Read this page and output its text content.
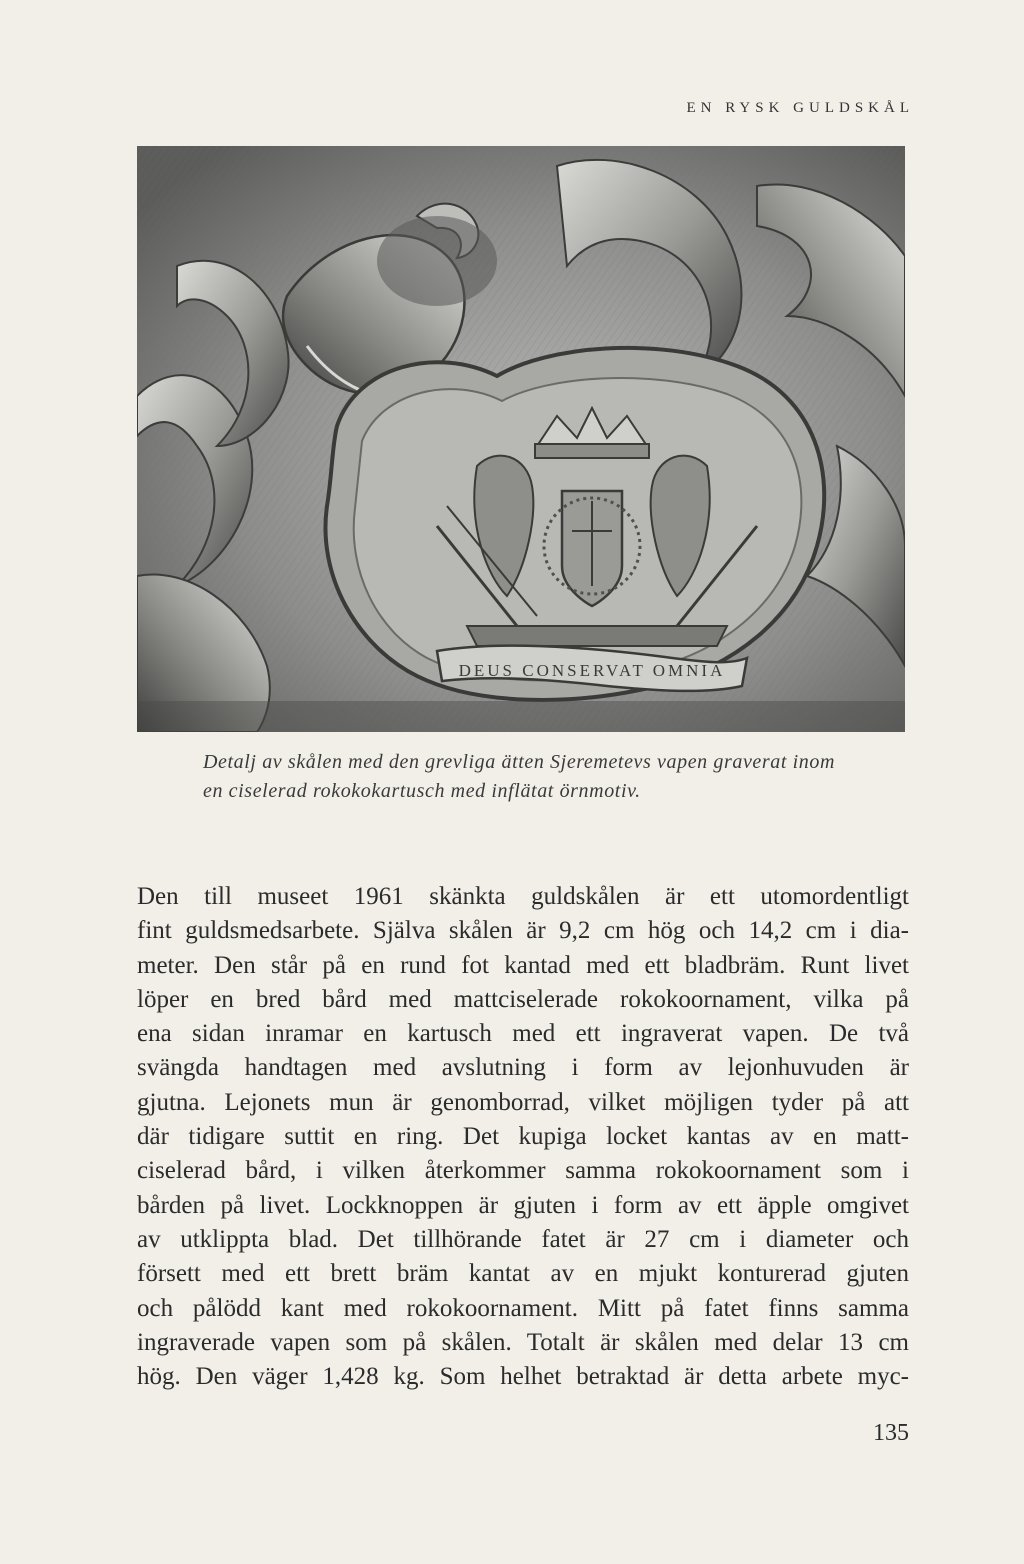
EN RYSK GULDSKÅL
DEUS CONSERVAT OMNIA
Detalj av skålen med den grevliga ätten Sjeremetevs vapen graverat inom
en ciselerad rokokokartusch med inflätat örnmotiv.
Den till museet 1961 skänkta guldskålen är ett utomordentligt
fint guldsmedsarbete. Själva skålen är 9,2 cm hög och 14,2 cm i dia-
meter. Den står på en rund fot kantad med ett bladbräm. Runt livet
löper en bred bård med mattciselerade rokokoornament, vilka på
ena sidan inramar en kartusch med ett ingraverat vapen. De två
svängda handtagen med avslutning i form av lejonhuvuden är
gjutna. Lejonets mun är genomborrad, vilket möjligen tyder på att
där tidigare suttit en ring. Det kupiga locket kantas av en matt-
ciselerad bård, i vilken återkommer samma rokokoornament som i
bården på livet. Lockknoppen är gjuten i form av ett äpple omgivet
av utklippta blad. Det tillhörande fatet är 27 cm i diameter och
försett med ett brett bräm kantat av en mjukt konturerad gjuten
och pålödd kant med rokokoornament. Mitt på fatet finns samma
ingraverade vapen som på skålen. Totalt är skålen med delar 13 cm
hög. Den väger 1,428 kg. Som helhet betraktad är detta arbete myc-
135
